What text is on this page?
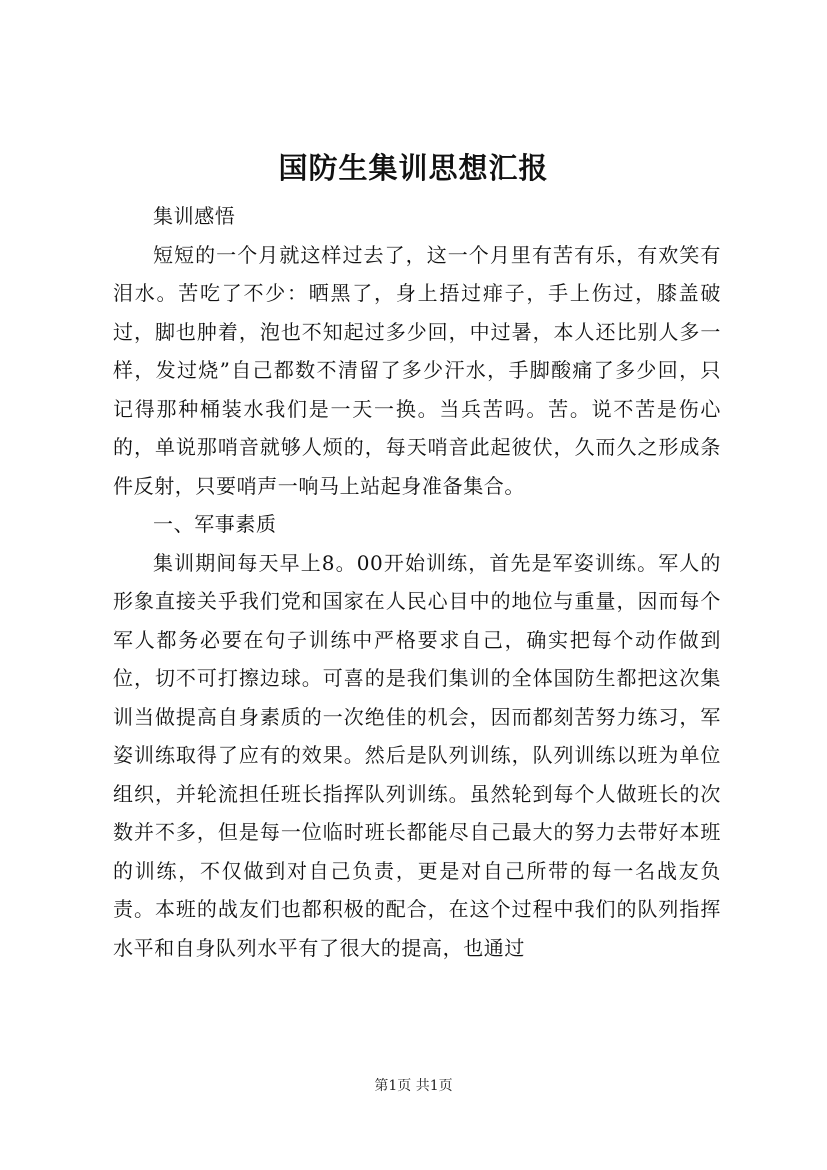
国防生集训思想汇报

集训感悟

短短的一个月就这样过去了，这一个月里有苦有乐，有欢笑有泪水。苦吃了不少：晒黑了，身上捂过痱子，手上伤过，膝盖破过，脚也肿着，泡也不知起过多少回，中过暑，本人还比别人多一样，发过烧”自己都数不清留了多少汗水，手脚酸痛了多少回，只记得那种桶装水我们是一天一换。当兵苦吗。苦。说不苦是伤心的，单说那哨音就够人烦的，每天哨音此起彼伏，久而久之形成条件反射，只要哨声一响马上站起身准备集合。

一、军事素质

集训期间每天早上8。00开始训练，首先是军姿训练。军人的形象直接关乎我们党和国家在人民心目中的地位与重量，因而每个军人都务必要在句子训练中严格要求自己，确实把每个动作做到位，切不可打擦边球。可喜的是我们集训的全体国防生都把这次集训当做提高自身素质的一次绝佳的机会，因而都刻苦努力练习，军姿训练取得了应有的效果。然后是队列训练，队列训练以班为单位组织，并轮流担任班长指挥队列训练。虽然轮到每个人做班长的次数并不多，但是每一位临时班长都能尽自己最大的努力去带好本班的训练，不仅做到对自己负责，更是对自己所带的每一名战友负责。本班的战友们也都积极的配合，在这个过程中我们的队列指挥水平和自身队列水平有了很大的提高，也通过

第1页 共1页
